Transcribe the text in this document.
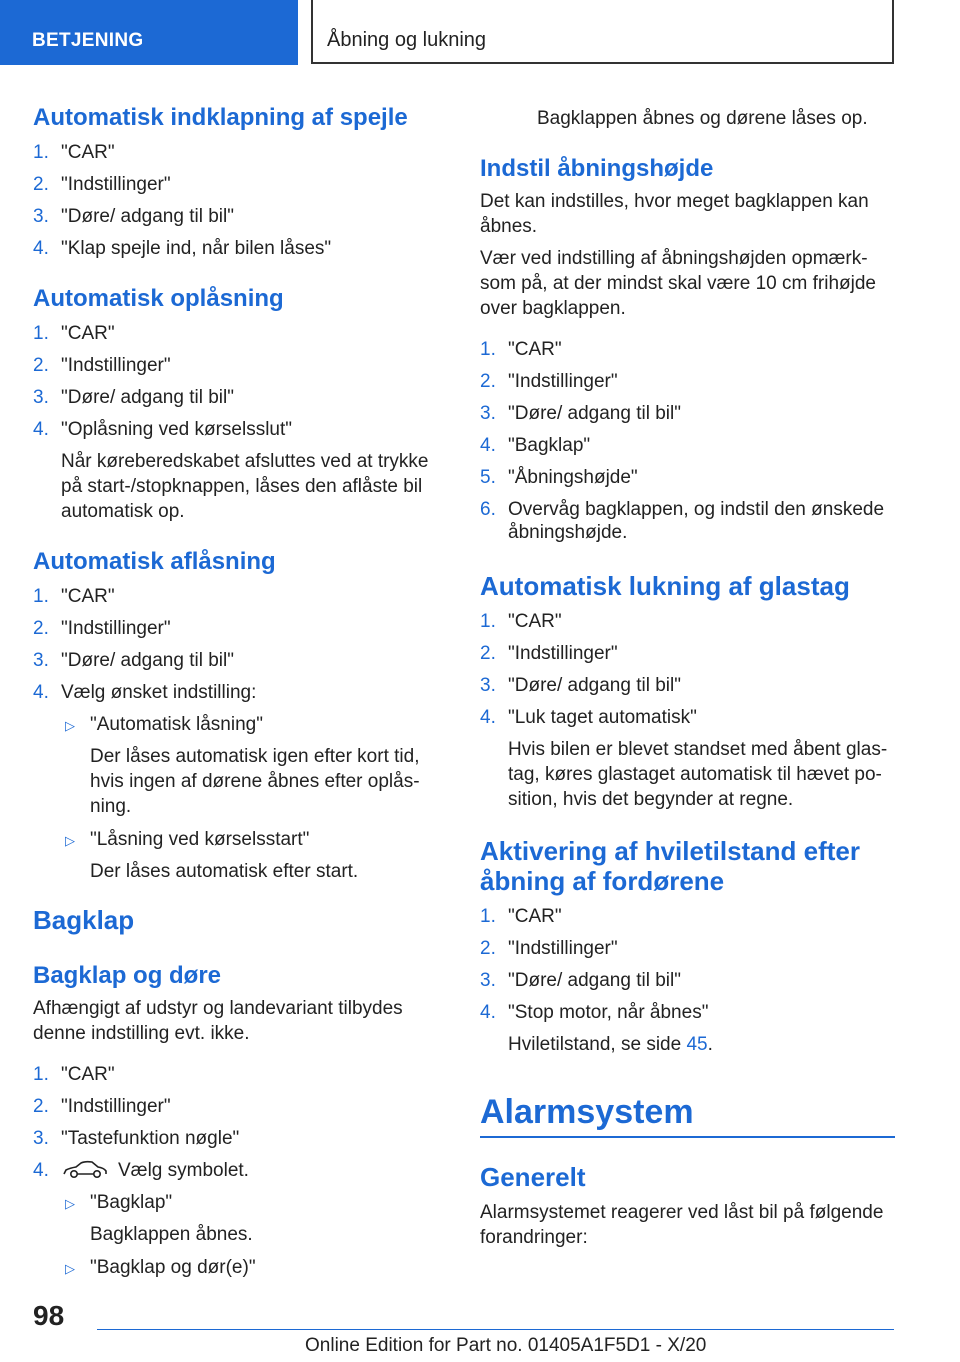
BETJENING	Åbning og lukning
Automatisk indklapning af spejle
1. "CAR"
2. "Indstillinger"
3. "Døre/ adgang til bil"
4. "Klap spejle ind, når bilen låses"
Automatisk oplåsning
1. "CAR"
2. "Indstillinger"
3. "Døre/ adgang til bil"
4. "Oplåsning ved kørselsslut"
Når køreberedskabet afsluttes ved at trykke
på start-/stopknappen, låses den aflåste bil
automatisk op.
Automatisk aflåsning
1. "CAR"
2. "Indstillinger"
3. "Døre/ adgang til bil"
4. Vælg ønsket indstilling:
▷ "Automatisk låsning"
Der låses automatisk igen efter kort tid,
hvis ingen af dørene åbnes efter oplås‐
ning.
▷ "Låsning ved kørselsstart"
Der låses automatisk efter start.
Bagklap
Bagklap og døre
Afhængigt af udstyr og landevariant tilbydes
denne indstilling evt. ikke.
1. "CAR"
2. "Indstillinger"
3. "Tastefunktion nøgle"
4.	Vælg symbolet.
▷ "Bagklap"
Bagklappen åbnes.
▷ "Bagklap og dør(e)"
Bagklappen åbnes og dørene låses op.
Indstil åbningshøjde
Det kan indstilles, hvor meget bagklappen kan
åbnes.
Vær ved indstilling af åbningshøjden opmærk‐
som på, at der mindst skal være 10 cm frihøjde
over bagklappen.
1. "CAR"
2. "Indstillinger"
3. "Døre/ adgang til bil"
4. "Bagklap"
5. "Åbningshøjde"
6. Overvåg bagklappen, og indstil den ønskede
åbningshøjde.
Automatisk lukning af glastag
1. "CAR"
2. "Indstillinger"
3. "Døre/ adgang til bil"
4. "Luk taget automatisk"
Hvis bilen er blevet standset med åbent glas‐
tag, køres glastaget automatisk til hævet po‐
sition, hvis det begynder at regne.
Aktivering af hviletilstand efter
åbning af fordørene
1. "CAR"
2. "Indstillinger"
3. "Døre/ adgang til bil"
4. "Stop motor, når åbnes"
Hviletilstand, se side 45.
Alarmsystem
Generelt
Alarmsystemet reagerer ved låst bil på følgende
forandringer:
98
Online Edition for Part no. 01405A1F5D1 - X/20
